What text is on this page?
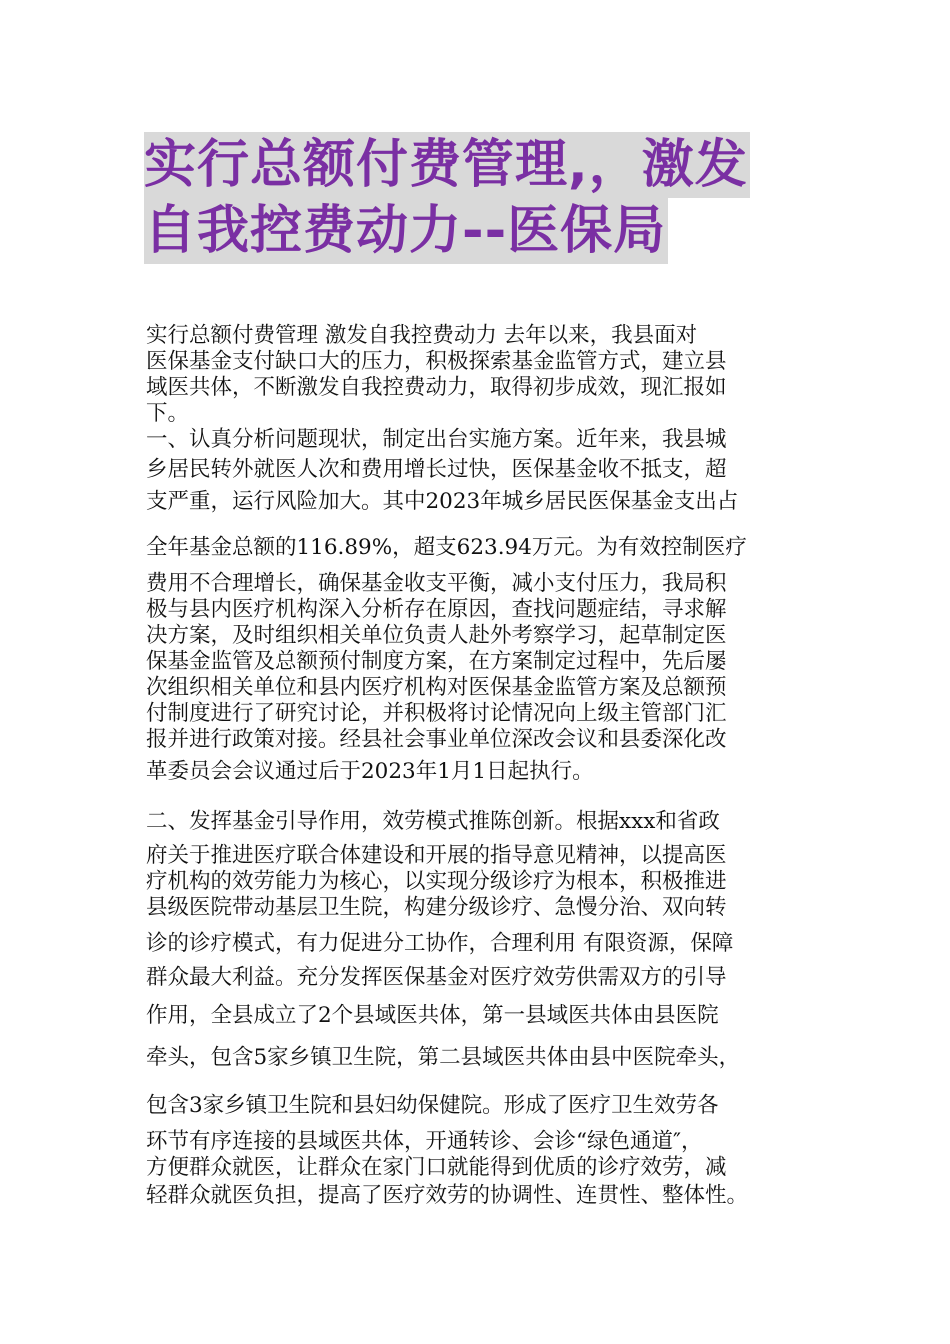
实行总额付费管理,，激发
自我控费动力--医保局
实行总额付费管理 激发自我控费动力 去年以来，我县面对
医保基金支付缺口大的压力，积极探索基金监管方式，建立县
域医共体，不断激发自我控费动力，取得初步成效，现汇报如
下。
一、认真分析问题现状，制定出台实施方案。近年来，我县城
乡居民转外就医人次和费用增长过快，医保基金收不抵支，超
支严重，运行风险加大。其中2023年城乡居民医保基金支出占
全年基金总额的116.89%，超支623.94万元。为有效控制医疗
费用不合理增长，确保基金收支平衡，减小支付压力，我局积
极与县内医疗机构深入分析存在原因，查找问题症结，寻求解
决方案，及时组织相关单位负责人赴外考察学习，起草制定医
保基金监管及总额预付制度方案，在方案制定过程中，先后屡
次组织相关单位和县内医疗机构对医保基金监管方案及总额预
付制度进行了研究讨论，并积极将讨论情况向上级主管部门汇
报并进行政策对接。经县社会事业单位深改会议和县委深化改
革委员会会议通过后于2023年1月1日起执行。
二、发挥基金引导作用，效劳模式推陈创新。根据xxx和省政
府关于推进医疗联合体建设和开展的指导意见精神，以提高医
疗机构的效劳能力为核心，以实现分级诊疗为根本，积极推进
县级医院带动基层卫生院，构建分级诊疗、急慢分治、双向转
诊的诊疗模式，有力促进分工协作，合理利用 有限资源，保障
群众最大利益。充分发挥医保基金对医疗效劳供需双方的引导
作用，全县成立了2个县域医共体，第一县域医共体由县医院
牵头，包含5家乡镇卫生院，第二县域医共体由县中医院牵头，
包含3家乡镇卫生院和县妇幼保健院。形成了医疗卫生效劳各
环节有序连接的县域医共体，开通转诊、会诊“绿色通道″，
方便群众就医，让群众在家门口就能得到优质的诊疗效劳，减
轻群众就医负担，提高了医疗效劳的协调性、连贯性、整体性。
